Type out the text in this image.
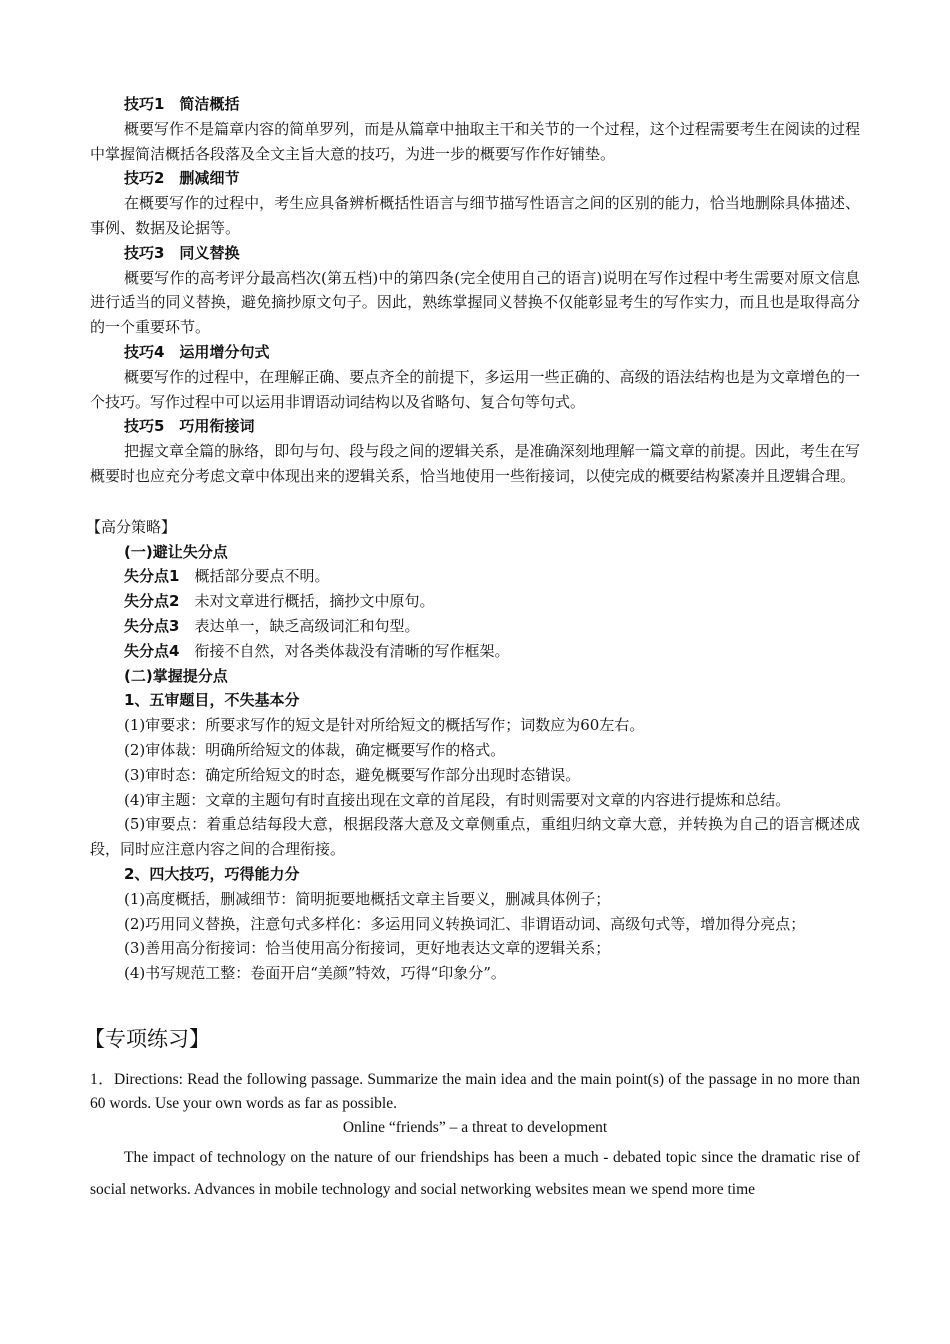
技巧1　简洁概括
概要写作不是篇章内容的简单罗列，而是从篇章中抽取主干和关节的一个过程，这个过程需要考生在阅读的过程中掌握简洁概括各段落及全文主旨大意的技巧，为进一步的概要写作作好铺垫。
技巧2　删减细节
在概要写作的过程中，考生应具备辨析概括性语言与细节描写性语言之间的区别的能力，恰当地删除具体描述、事例、数据及论据等。
技巧3　同义替换
概要写作的高考评分最高档次(第五档)中的第四条(完全使用自己的语言)说明在写作过程中考生需要对原文信息进行适当的同义替换，避免摘抄原文句子。因此，熟练掌握同义替换不仅能彰显考生的写作实力，而且也是取得高分的一个重要环节。
技巧4　运用增分句式
概要写作的过程中，在理解正确、要点齐全的前提下，多运用一些正确的、高级的语法结构也是为文章增色的一个技巧。写作过程中可以运用非谓语动词结构以及省略句、复合句等句式。
技巧5　巧用衔接词
把握文章全篇的脉络，即句与句、段与段之间的逻辑关系，是准确深刻地理解一篇文章的前提。因此，考生在写概要时也应充分考虑文章中体现出来的逻辑关系，恰当地使用一些衔接词，以使完成的概要结构紧凑并且逻辑合理。
【高分策略】
(一)避让失分点
失分点1　 概括部分要点不明。
失分点2　 未对文章进行概括，摘抄文中原句。
失分点3　 表达单一，缺乏高级词汇和句型。
失分点4　 衔接不自然，对各类体裁没有清晰的写作框架。
(二)掌握提分点
1、五审题目，不失基本分
(1)审要求：所要求写作的短文是针对所给短文的概括写作；词数应为60左右。
(2)审体裁：明确所给短文的体裁，确定概要写作的格式。
(3)审时态：确定所给短文的时态，避免概要写作部分出现时态错误。
(4)审主题：文章的主题句有时直接出现在文章的首尾段，有时则需要对文章的内容进行提炼和总结。
(5)审要点：着重总结每段大意，根据段落大意及文章侧重点，重组归纳文章大意，并转换为自己的语言概述成段，同时应注意内容之间的合理衔接。
2、四大技巧，巧得能力分
(1)高度概括，删减细节：简明扼要地概括文章主旨要义，删减具体例子；
(2)巧用同义替换，注意句式多样化：多运用同义转换词汇、非谓语动词、高级句式等，增加得分亮点；
(3)善用高分衔接词：恰当使用高分衔接词，更好地表达文章的逻辑关系；
(4)书写规范工整：卷面开启“美颜”特效，巧得“印象分”。
【专项练习】
1．Directions: Read the following passage. Summarize the main idea and the main point(s) of the passage in no more than 60 words. Use your own words as far as possible.
Online “friends” – a threat to development
The impact of technology on the nature of our friendships has been a much - debated topic since the dramatic rise of social networks. Advances in mobile technology and social networking websites mean we spend more time
